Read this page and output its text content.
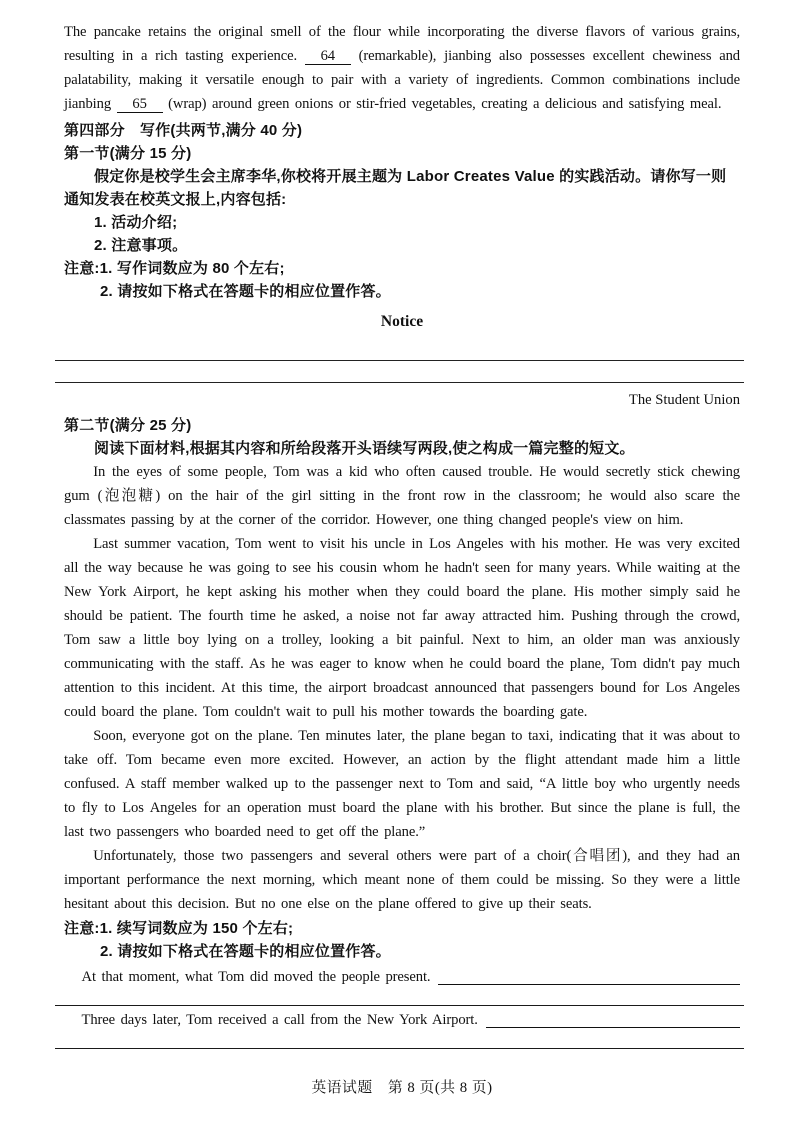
The pancake retains the original smell of the flour while incorporating the diverse flavors of various grains, resulting in a rich tasting experience. 64 (remarkable), jianbing also possesses excellent chewiness and palatability, making it versatile enough to pair with a variety of ingredients. Common combinations include jianbing 65 (wrap) around green onions or stir-fried vegetables, creating a delicious and satisfying meal.

第四部分　写作(共两节,满分 40 分)
第一节(满分 15 分)
假定你是校学生会主席李华,你校将开展主题为 Labor Creates Value 的实践活动。请你写一则通知发表在校英文报上,内容包括:
1. 活动介绍;
2. 注意事项。
注意:1. 写作词数应为 80 个左右;
2. 请按如下格式在答题卡的相应位置作答。
Notice
The Student Union
第二节(满分 25 分)
阅读下面材料,根据其内容和所给段落开头语续写两段,使之构成一篇完整的短文。

In the eyes of some people, Tom was a kid who often caused trouble. He would secretly stick chewing gum (泡泡糖) on the hair of the girl sitting in the front row in the classroom; he would also scare the classmates passing by at the corner of the corridor. However, one thing changed people's view on him.

Last summer vacation, Tom went to visit his uncle in Los Angeles with his mother. He was very excited all the way because he was going to see his cousin whom he hadn't seen for many years. While waiting at the New York Airport, he kept asking his mother when they could board the plane. His mother simply said he should be patient. The fourth time he asked, a noise not far away attracted him. Pushing through the crowd, Tom saw a little boy lying on a trolley, looking a bit painful. Next to him, an older man was anxiously communicating with the staff. As he was eager to know when he could board the plane, Tom didn't pay much attention to this incident. At this time, the airport broadcast announced that passengers bound for Los Angeles could board the plane. Tom couldn't wait to pull his mother towards the boarding gate.

Soon, everyone got on the plane. Ten minutes later, the plane began to taxi, indicating that it was about to take off. Tom became even more excited. However, an action by the flight attendant made him a little confused. A staff member walked up to the passenger next to Tom and said, “A little boy who urgently needs to fly to Los Angeles for an operation must board the plane with his brother. But since the plane is full, the last two passengers who boarded need to get off the plane.”

Unfortunately, those two passengers and several others were part of a choir(合唱团), and they had an important performance the next morning, which meant none of them could be missing. So they were a little hesitant about this decision. But no one else on the plane offered to give up their seats.

注意:1. 续写词数应为 150 个左右;
2. 请按如下格式在答题卡的相应位置作答。
At that moment, what Tom did moved the people present.
Three days later, Tom received a call from the New York Airport.
英语试题　第 8 页(共 8 页)
